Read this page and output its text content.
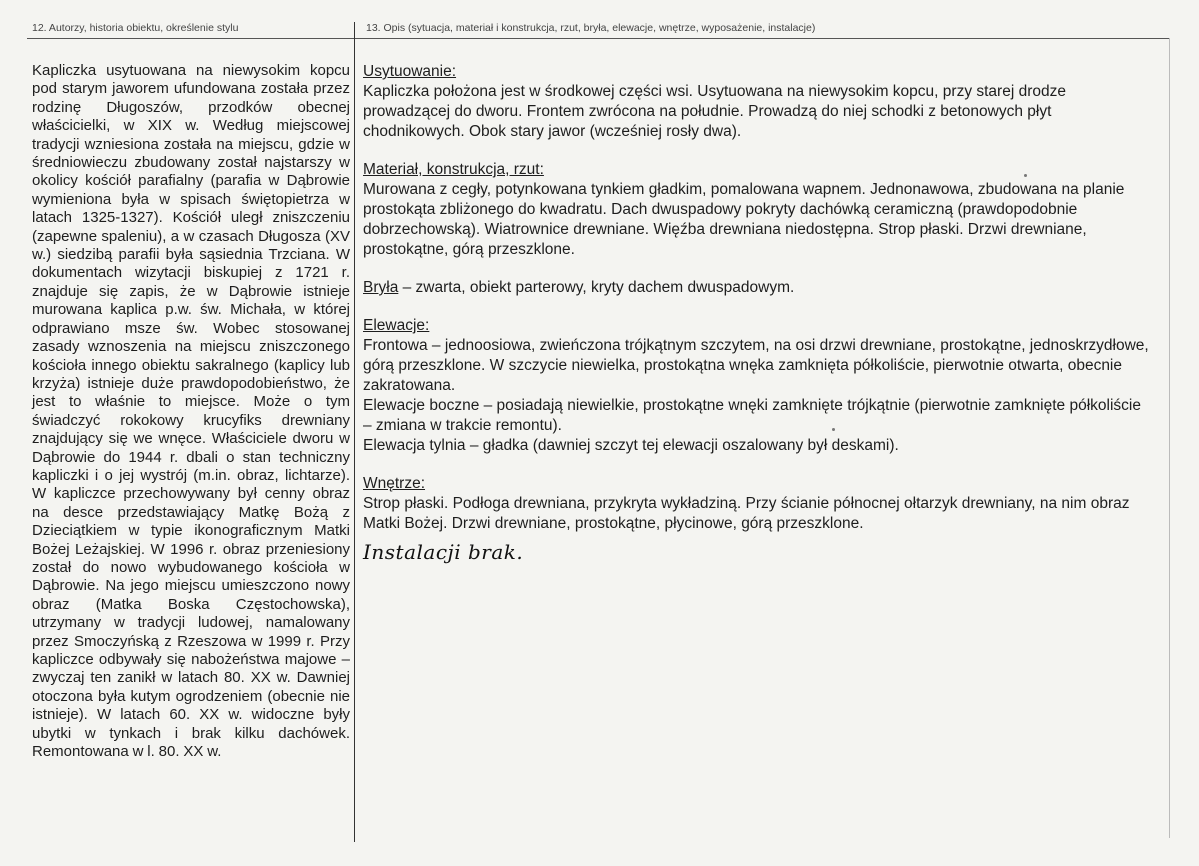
12. Autorzy, historia obiektu, określenie stylu	13. Opis (sytuacja, materiał i konstrukcja, rzut, bryła, elewacje, wnętrze, wyposażenie, instalacje)
Kapliczka usytuowana na niewysokim kopcu pod starym jaworem ufundowana została przez rodzinę Długoszów, przodków obecnej właścicielki, w XIX w. Według miejscowej tradycji wzniesiona została na miejscu, gdzie w średniowieczu zbudowany został najstarszy w okolicy kościół parafialny (parafia w Dąbrowie wymieniona była w spisach świętopietrza w latach 1325-1327). Kościół uległ zniszczeniu (zapewne spaleniu), a w czasach Długosza (XV w.) siedzibą parafii była sąsiednia Trzciana. W dokumentach wizytacji biskupiej z 1721 r. znajduje się zapis, że w Dąbrowie istnieje murowana kaplica p.w. św. Michała, w której odprawiano msze św. Wobec stosowanej zasady wznoszenia na miejscu zniszczonego kościoła innego obiektu sakralnego (kaplicy lub krzyża) istnieje duże prawdopodobieństwo, że jest to właśnie to miejsce. Może o tym świadczyć rokokowy krucyfiks drewniany znajdujący się we wnęce. Właściciele dworu w Dąbrowie do 1944 r. dbali o stan techniczny kapliczki i o jej wystrój (m.in. obraz, lichtarze). W kapliczce przechowywany był cenny obraz na desce przedstawiający Matkę Bożą z Dzieciątkiem w typie ikonograficznym Matki Bożej Leżajskiej. W 1996 r. obraz przeniesiony został do nowo wybudowanego kościoła w Dąbrowie. Na jego miejscu umieszczono nowy obraz (Matka Boska Częstochowska), utrzymany w tradycji ludowej, namalowany przez Smoczyńską z Rzeszowa w 1999 r. Przy kapliczce odbywały się nabożeństwa majowe – zwyczaj ten zanikł w latach 80. XX w. Dawniej otoczona była kutym ogrodzeniem (obecnie nie istnieje). W latach 60. XX w. widoczne były ubytki w tynkach i brak kilku dachówek. Remontowana w l. 80. XX w.
Usytuowanie:
Kapliczka położona jest w środkowej części wsi. Usytuowana na niewysokim kopcu, przy starej drodze prowadzącej do dworu. Frontem zwrócona na południe. Prowadzą do niej schodki z betonowych płyt chodnikowych. Obok stary jawor (wcześniej rosły dwa).
Materiał, konstrukcja, rzut:
Murowana z cegły, potynkowana tynkiem gładkim, pomalowana wapnem. Jednonawowa, zbudowana na planie prostokąta zbliżonego do kwadratu. Dach dwuspadowy pokryty dachówką ceramiczną (prawdopodobnie dobrzechowską). Wiatrownice drewniane. Więźba drewniana niedostępna. Strop płaski. Drzwi drewniane, prostokątne, górą przeszklone.
Bryła – zwarta, obiekt parterowy, kryty dachem dwuspadowym.
Elewacje:
Frontowa – jednoosiowa, zwieńczona trójkątnym szczytem, na osi drzwi drewniane, prostokątne, jednoskrzydłowe, górą przeszklone. W szczycie niewielka, prostokątna wnęka zamknięta półkoliście, pierwotnie otwarta, obecnie zakratowana.
Elewacje boczne – posiadają niewielkie, prostokątne wnęki zamknięte trójkątnie (pierwotnie zamknięte półkoliście – zmiana w trakcie remontu).
Elewacja tylnia – gładka (dawniej szczyt tej elewacji oszalowany był deskami).
Wnętrze:
Strop płaski. Podłoga drewniana, przykryta wykładziną. Przy ścianie północnej ołtarzyk drewniany, na nim obraz Matki Bożej. Drzwi drewniane, prostokątne, płycinowe, górą przeszklone.
Instalacji brak.
